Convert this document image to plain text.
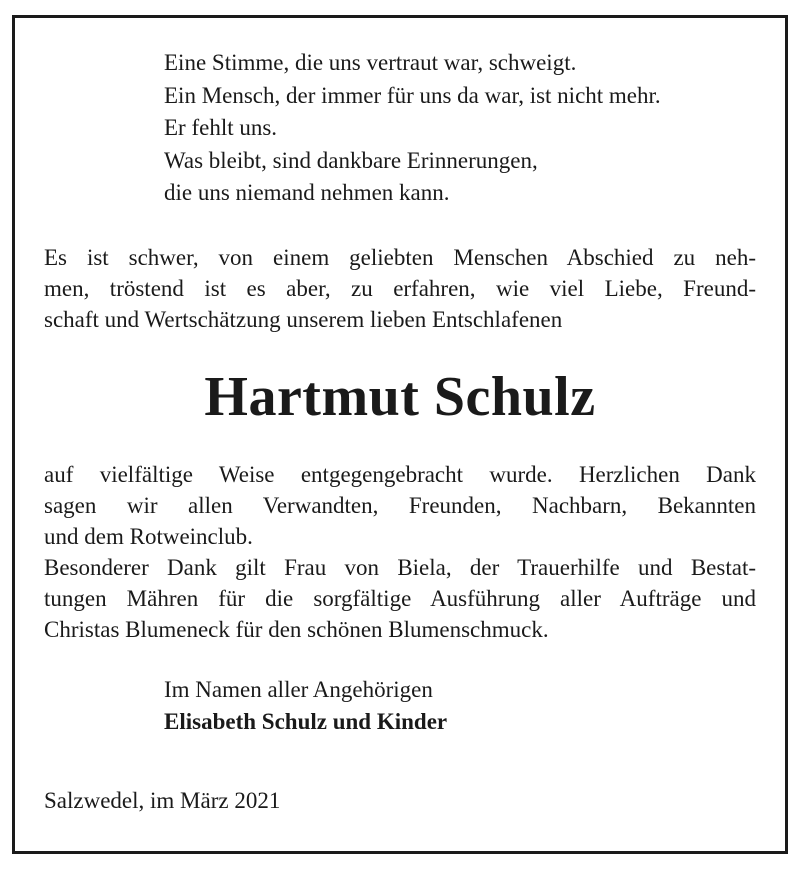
Eine Stimme, die uns vertraut war, schweigt.
Ein Mensch, der immer für uns da war, ist nicht mehr.
Er fehlt uns.
Was bleibt, sind dankbare Erinnerungen,
die uns niemand nehmen kann.
Es ist schwer, von einem geliebten Menschen Abschied zu neh-
men, tröstend ist es aber, zu erfahren, wie viel Liebe, Freund-
schaft und Wertschätzung unserem lieben Entschlafenen
Hartmut Schulz
auf vielfältige Weise entgegengebracht wurde. Herzlichen Dank
sagen wir allen Verwandten, Freunden, Nachbarn, Bekannten
und dem Rotweinclub.
Besonderer Dank gilt Frau von Biela, der Trauerhilfe und Bestat-
tungen Mähren für die sorgfältige Ausführung aller Aufträge und
Christas Blumeneck für den schönen Blumenschmuck.
Im Namen aller Angehörigen
Elisabeth Schulz und Kinder
Salzwedel, im März 2021
